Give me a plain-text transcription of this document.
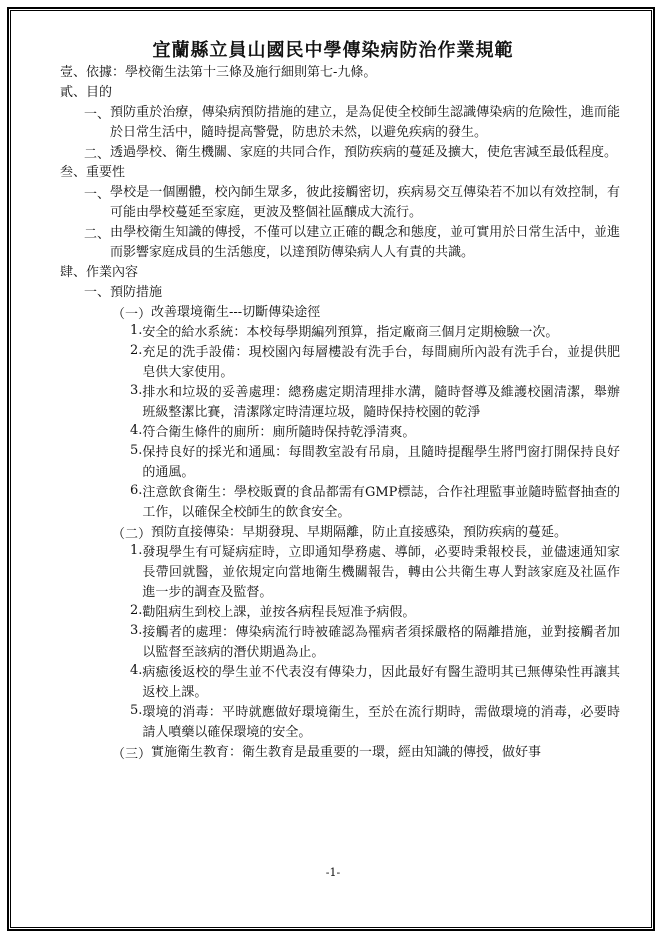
宜蘭縣立員山國民中學傳染病防治作業規範
壹、依據：學校衛生法第十三條及施行細則第七-九條。
貳、目的
一、 預防重於治療，傳染病預防措施的建立，是為促使全校師生認識傳染病的危險性，進而能於日常生活中，隨時提高警覺，防患於未然，以避免疾病的發生。
二、 透過學校、衛生機關、家庭的共同合作，預防疾病的蔓延及擴大，使危害減至最低程度。
叁、重要性
一、 學校是一個團體，校內師生眾多，彼此接觸密切，疾病易交互傳染若不加以有效控制，有可能由學校蔓延至家庭，更波及整個社區釀成大流行。
二、 由學校衛生知識的傳授，不僅可以建立正確的觀念和態度，並可實用於日常生活中，並進而影響家庭成員的生活態度，以達預防傳染病人人有責的共識。
肆、作業內容
一、預防措施
（一） 改善環境衛生---切斷傳染途徑
1. 安全的給水系統：本校每學期編列預算，指定廠商三個月定期檢驗一次。
2. 充足的洗手設備：現校園內每層樓設有洗手台，每間廁所內設有洗手台，並提供肥皂供大家使用。
3. 排水和垃圾的妥善處理：總務處定期清理排水溝，隨時督導及維護校園清潔，舉辦班級整潔比賽，清潔隊定時清運垃圾，隨時保持校園的乾淨
4. 符合衛生條件的廁所：廁所隨時保持乾淨清爽。
5. 保持良好的採光和通風：每間教室設有吊扇，且隨時提醒學生將門窗打開保持良好的通風。
6. 注意飲食衛生：學校販賣的食品都需有GMP標誌，合作社理監事並隨時監督抽查的工作，以確保全校師生的飲食安全。
（二） 預防直接傳染：早期發現、早期隔離，防止直接感染，預防疾病的蔓延。
1. 發現學生有可疑病症時，立即通知學務處、導師，必要時秉報校長，並儘速通知家長帶回就醫，並依規定向當地衛生機關報告，轉由公共衛生專人對該家庭及社區作進一步的調查及監督。
2. 勸阻病生到校上課，並按各病程長短准予病假。
3. 接觸者的處理：傳染病流行時被確認為罹病者須採嚴格的隔離措施，並對接觸者加以監督至該病的潛伏期過為止。
4. 病癒後返校的學生並不代表沒有傳染力，因此最好有醫生證明其已無傳染性再讓其返校上課。
5. 環境的消毒：平時就應做好環境衛生，至於在流行期時，需做環境的消毒，必要時請人噴藥以確保環境的安全。
（三） 實施衛生教育：衛生教育是最重要的一環，經由知識的傳授，做好事
-1-
